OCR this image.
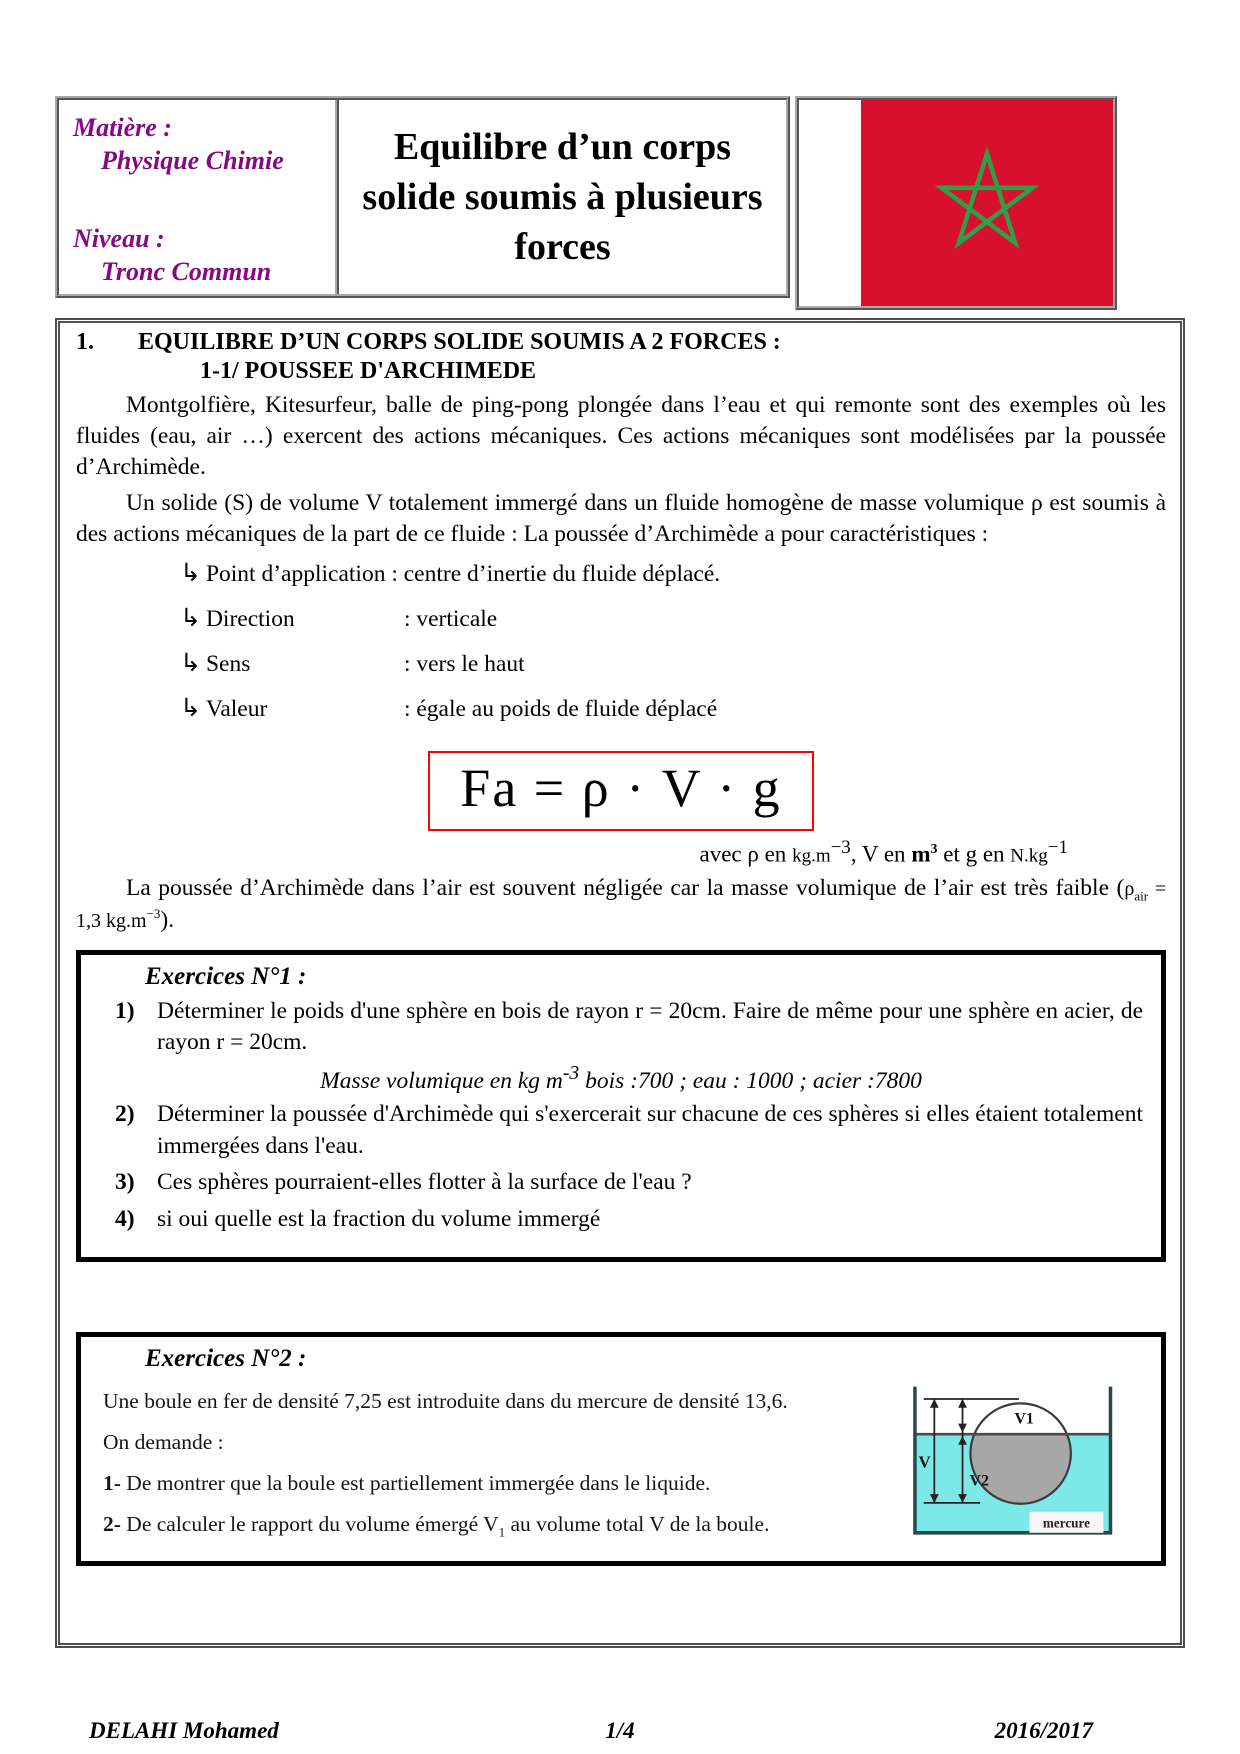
Matière :
Physique Chimie
Niveau :
Tronc Commun
Equilibre d’un corps solide soumis à plusieurs forces
1.	EQUILIBRE D’UN CORPS SOLIDE SOUMIS A 2 FORCES :
1-1/ POUSSEE D'ARCHIMEDE

Montgolfière, Kitesurfeur, balle de ping-pong plongée dans l’eau et qui remonte sont des exemples où les fluides (eau, air …) exercent des actions mécaniques. Ces actions mécaniques sont modélisées par la poussée d’Archimède.

Un solide (S) de volume V totalement immergé dans un fluide homogène de masse volumique ρ est soumis à des actions mécaniques de la part de ce fluide : La poussée d’Archimède a pour caractéristiques :

↳ Point d’application : centre d’inertie du fluide déplacé.
↳ Direction	: verticale
↳ Sens	: vers le haut
↳ Valeur	: égale au poids de fluide déplacé
Fa = ρ · V · g
avec ρ en $kg.m^{-3}$, V en $m^3$ et g en $N.kg^{-1}$

La poussée d’Archimède dans l’air est souvent négligée car la masse volumique de l’air est très faible ($\rho_{air} = 1,3$ $kg.m^{-3}$).

Exercices N°1 :
1) Déterminer le poids d'une sphère en bois de rayon r = 20cm. Faire de même pour une sphère en acier, de rayon r = 20cm.
Masse volumique en kg $m^{-3}$ bois :700 ; eau : 1000 ; acier :7800
2) Déterminer la poussée d'Archimède qui s'exercerait sur chacune de ces sphères si elles étaient totalement immergées dans l'eau.
3) Ces sphères pourraient-elles flotter à la surface de l'eau ?
4) si oui quelle est la fraction du volume immergé
Exercices N°2 :

Une boule en fer de densité 7,25 est introduite dans du mercure de densité 13,6.

On demande :

1- De montrer que la boule est partiellement immergée dans le liquide.

2- De calculer le rapport du volume émergé $V_1$ au volume total V de la boule.

V
V1
V2
mercure
1/4
DELAHI Mohamed	2016/2017
